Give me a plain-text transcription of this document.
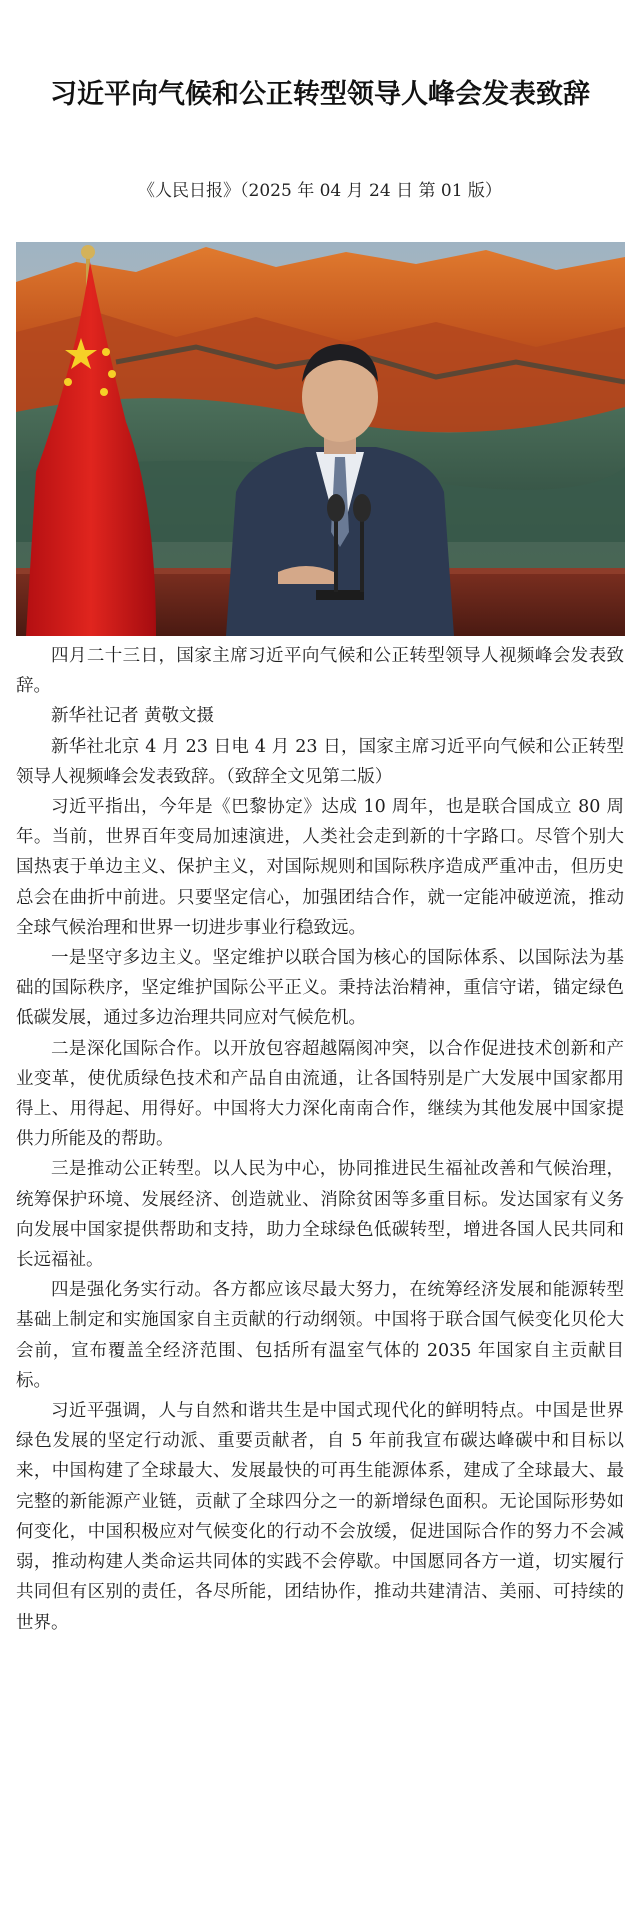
习近平向气候和公正转型领导人峰会发表致辞
《人民日报》（2025 年 04 月 24 日 第 01 版）

四月二十三日，国家主席习近平向气候和公正转型领导人视频峰会发表致辞。

新华社记者 黄敬文摄

新华社北京 4 月 23 日电 4 月 23 日，国家主席习近平向气候和公正转型领导人视频峰会发表致辞。（致辞全文见第二版）

习近平指出，今年是《巴黎协定》达成 10 周年，也是联合国成立 80 周年。当前，世界百年变局加速演进，人类社会走到新的十字路口。尽管个别大国热衷于单边主义、保护主义，对国际规则和国际秩序造成严重冲击，但历史总会在曲折中前进。只要坚定信心，加强团结合作，就一定能冲破逆流，推动全球气候治理和世界一切进步事业行稳致远。

一是坚守多边主义。坚定维护以联合国为核心的国际体系、以国际法为基础的国际秩序，坚定维护国际公平正义。秉持法治精神，重信守诺，锚定绿色低碳发展，通过多边治理共同应对气候危机。

二是深化国际合作。以开放包容超越隔阂冲突，以合作促进技术创新和产业变革，使优质绿色技术和产品自由流通，让各国特别是广大发展中国家都用得上、用得起、用得好。中国将大力深化南南合作，继续为其他发展中国家提供力所能及的帮助。

三是推动公正转型。以人民为中心，协同推进民生福祉改善和气候治理，统筹保护环境、发展经济、创造就业、消除贫困等多重目标。发达国家有义务向发展中国家提供帮助和支持，助力全球绿色低碳转型，增进各国人民共同和长远福祉。

四是强化务实行动。各方都应该尽最大努力，在统筹经济发展和能源转型基础上制定和实施国家自主贡献的行动纲领。中国将于联合国气候变化贝伦大会前，宣布覆盖全经济范围、包括所有温室气体的 2035 年国家自主贡献目标。

习近平强调，人与自然和谐共生是中国式现代化的鲜明特点。中国是世界绿色发展的坚定行动派、重要贡献者，自 5 年前我宣布碳达峰碳中和目标以来，中国构建了全球最大、发展最快的可再生能源体系，建成了全球最大、最完整的新能源产业链，贡献了全球四分之一的新增绿色面积。无论国际形势如何变化，中国积极应对气候变化的行动不会放缓，促进国际合作的努力不会减弱，推动构建人类命运共同体的实践不会停歇。中国愿同各方一道，切实履行共同但有区别的责任，各尽所能，团结协作，推动共建清洁、美丽、可持续的世界。
